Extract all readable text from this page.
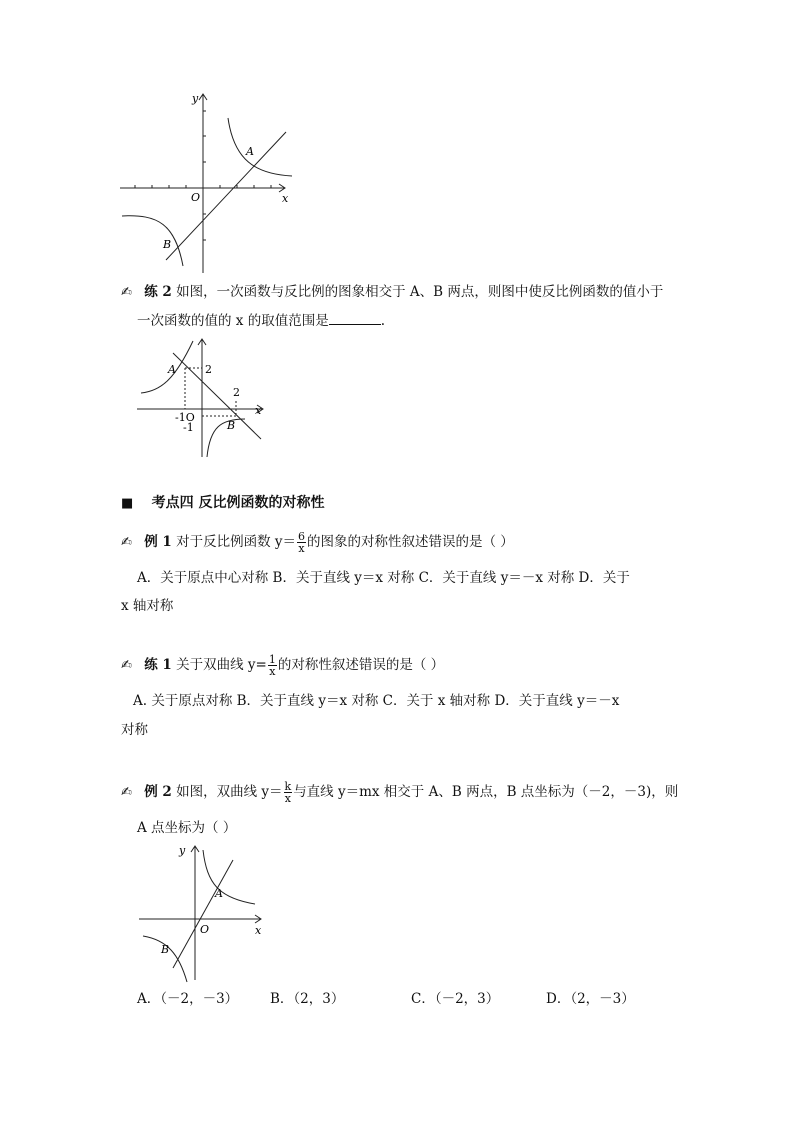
y
x
O
A
B
✍ 练 2 如图，一次函数与反比例的图象相交于 A、B 两点，则图中使反比例函数的值小于
一次函数的值的 x 的取值范围是	.
A	2
2
x
-1O
-1	B
■ 考点四 反比例函数的对称性
✍ 例 1 对于反比例函数 $y= \frac{6}{x}$ 的图象的对称性叙述错误的是（ ）
A．关于原点中心对称 B．关于直线 y＝x 对称 C．关于直线 y＝－x 对称 D．关于
x 轴对称
✍ 练 1 关于双曲线 $y= \frac{1}{x}$ 的对称性叙述错误的是（ ）
A. 关于原点对称 B．关于直线 y＝x 对称 C．关于 x 轴对称 D．关于直线 y＝－x
对称
✍ 例 2 如图，双曲线 $y= \frac{k}{x}$ 与直线 y＝mx 相交于 A、B 两点，B 点坐标为（－2，－3)，则
A 点坐标为（ ）
y
x
O
A
B
A．（－2，－3） B．（2，3）	C．（－2，3）	D．（2，－3）
